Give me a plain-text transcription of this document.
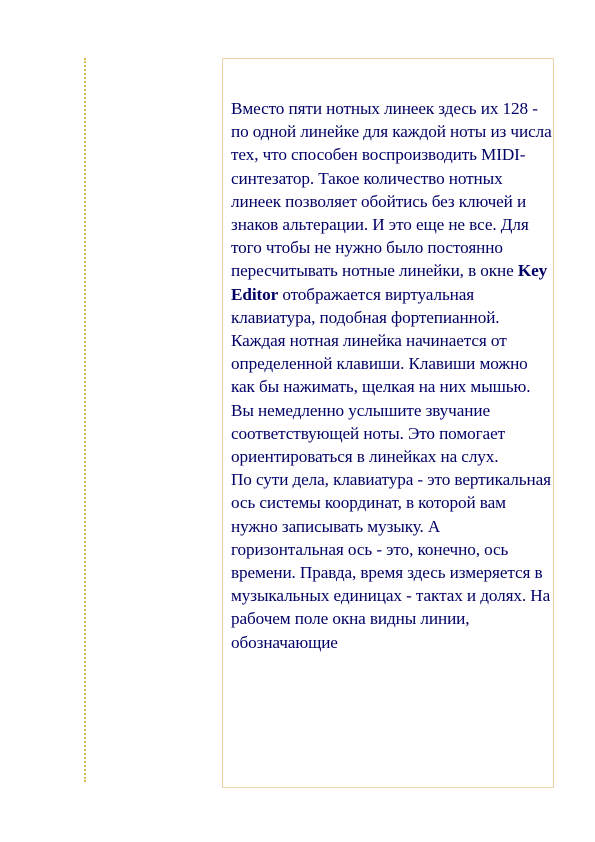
Вместо пяти нотных линеек здесь их 128 - по одной линейке для каждой ноты из числа тех, что способен воспроизводить MIDI-синтезатор. Такое количество нотных линеек позволяет обойтись без ключей и знаков альтерации. И это еще не все. Для того чтобы не нужно было постоянно пересчитывать нотные линейки, в окне Key
Editor отображается виртуальная клавиатура, подобная фортепианной. Каждая нотная линейка начинается от определенной клавиши. Клавиши можно как бы нажимать, щелкая на них мышью. Вы немедленно услышите звучание соответствующей ноты. Это помогает ориентироваться в линейках на слух.

По сути дела, клавиатура - это вертикальная ось системы координат, в которой вам нужно записывать музыку. А горизонтальная ось - это, конечно, ось времени. Правда, время здесь измеряется в музыкальных единицах - тактах и долях. На рабочем поле окна видны линии, обозначающие
